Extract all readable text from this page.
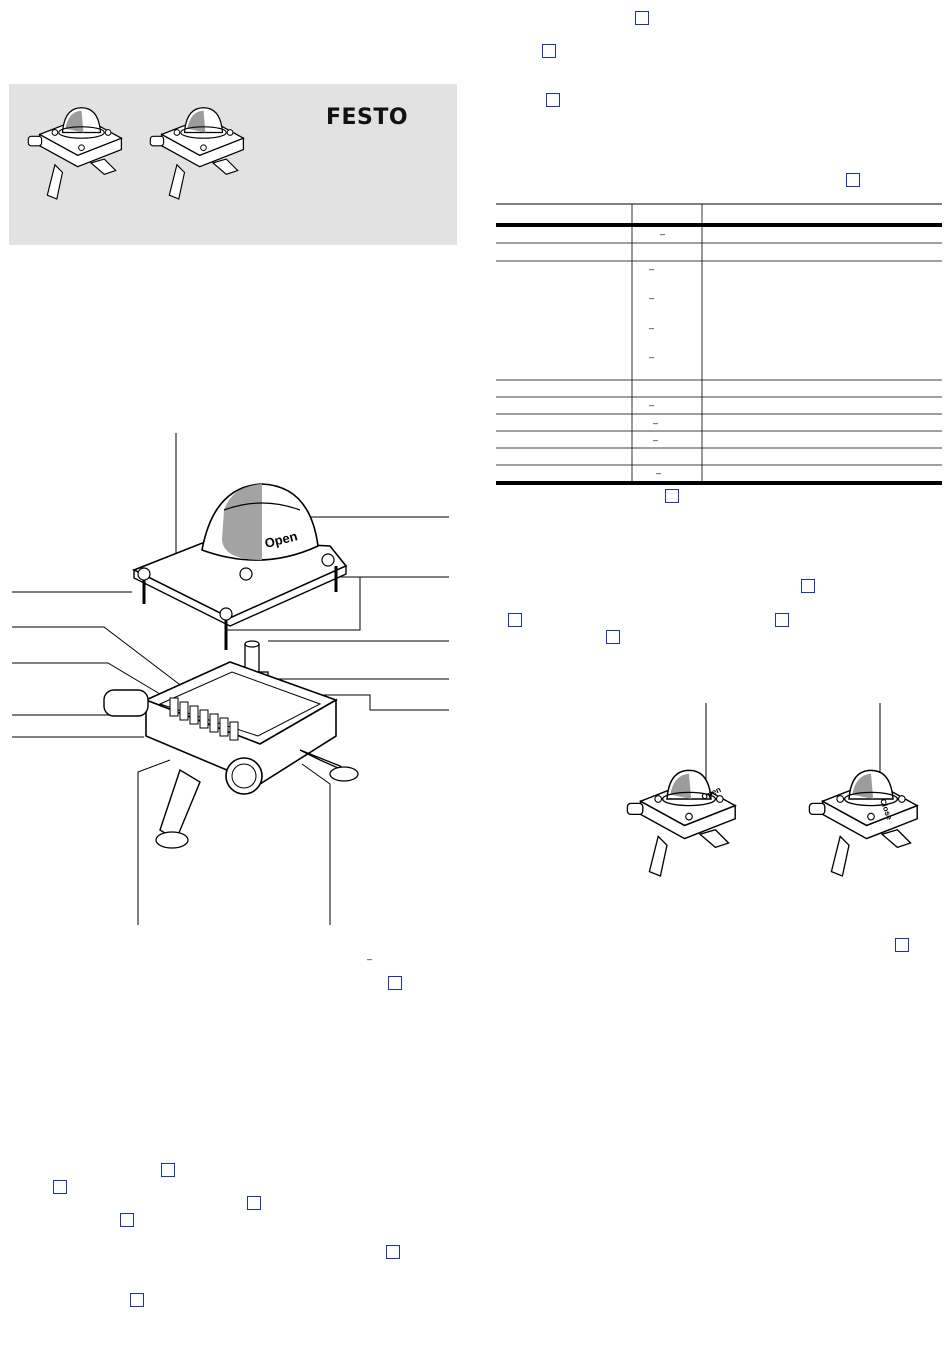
FESTO
Open
Open
Close
–
–
–
–
–
–
–
–
–
–
